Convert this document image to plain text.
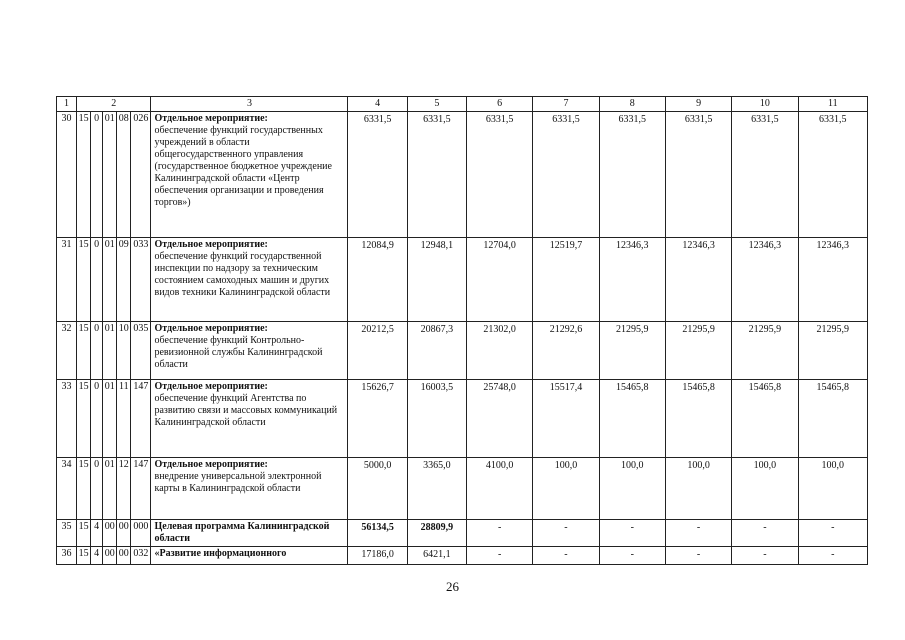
1	2					3	4	5	6	7	8	9	10	11
30	15	0	01	08	026	Отдельное мероприятие:
обеспечение функций государственных учреждений в области общегосударственного управления (государственное бюджетное учреждение Калининградской области «Центр обеспечения организации и проведения торгов»)	6331,5	6331,5	6331,5	6331,5	6331,5	6331,5	6331,5	6331,5
31	15	0	01	09	033	Отдельное мероприятие:
обеспечение функций государственной инспекции по надзору за техническим состоянием самоходных машин и других видов техники Калининградской области	12084,9	12948,1	12704,0	12519,7	12346,3	12346,3	12346,3	12346,3
32	15	0	01	10	035	Отдельное мероприятие:
обеспечение функций Контрольно-ревизионной службы Калининградской области	20212,5	20867,3	21302,0	21292,6	21295,9	21295,9	21295,9	21295,9
33	15	0	01	11	147	Отдельное мероприятие:
обеспечение функций Агентства по развитию связи и массовых коммуникаций Калининградской области	15626,7	16003,5	25748,0	15517,4	15465,8	15465,8	15465,8	15465,8
34	15	0	01	12	147	Отдельное мероприятие:
внедрение универсальной электронной карты в Калининградской области	5000,0	3365,0	4100,0	100,0	100,0	100,0	100,0	100,0
35	15	4	00	00	000	Целевая программа Калининградской области	56134,5	28809,9	-	-	-	-	-	-
36	15	4	00	00	032	«Развитие информационного	17186,0	6421,1	-	-	-	-	-	-
26
